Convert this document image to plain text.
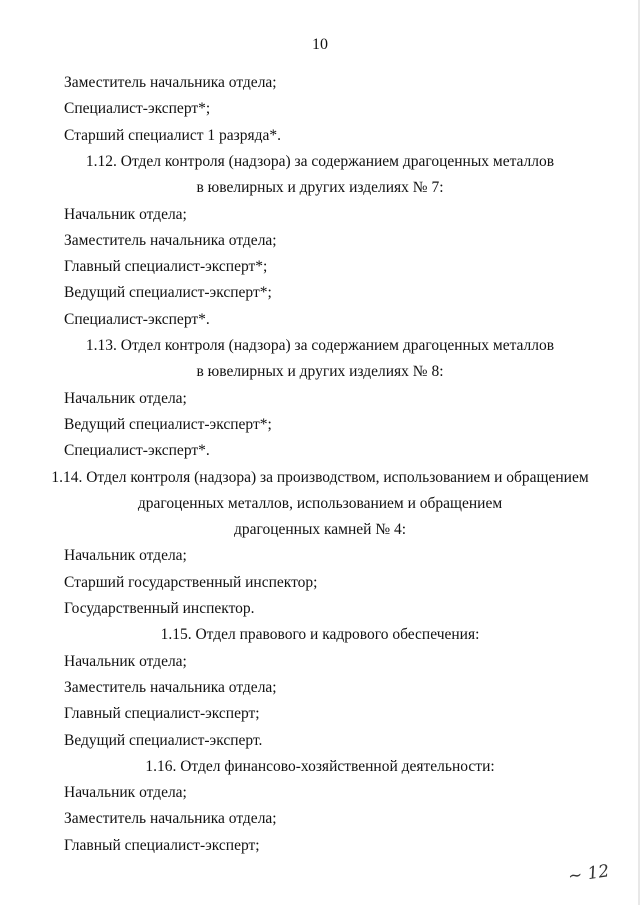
10
Заместитель начальника отдела;
Специалист-эксперт*;
Старший специалист 1 разряда*.
1.12. Отдел контроля (надзора) за содержанием драгоценных металлов
в ювелирных и других изделиях № 7:
Начальник отдела;
Заместитель начальника отдела;
Главный специалист-эксперт*;
Ведущий специалист-эксперт*;
Специалист-эксперт*.
1.13. Отдел контроля (надзора) за содержанием драгоценных металлов
в ювелирных и других изделиях № 8:
Начальник отдела;
Ведущий специалист-эксперт*;
Специалист-эксперт*.
1.14. Отдел контроля (надзора) за производством, использованием и обращением
драгоценных металлов, использованием и обращением
драгоценных камней № 4:
Начальник отдела;
Старший государственный инспектор;
Государственный инспектор.
1.15. Отдел правового и кадрового обеспечения:
Начальник отдела;
Заместитель начальника отдела;
Главный специалист-эксперт;
Ведущий специалист-эксперт.
1.16. Отдел финансово-хозяйственной деятельности:
Начальник отдела;
Заместитель начальника отдела;
Главный специалист-эксперт;
~ 12
